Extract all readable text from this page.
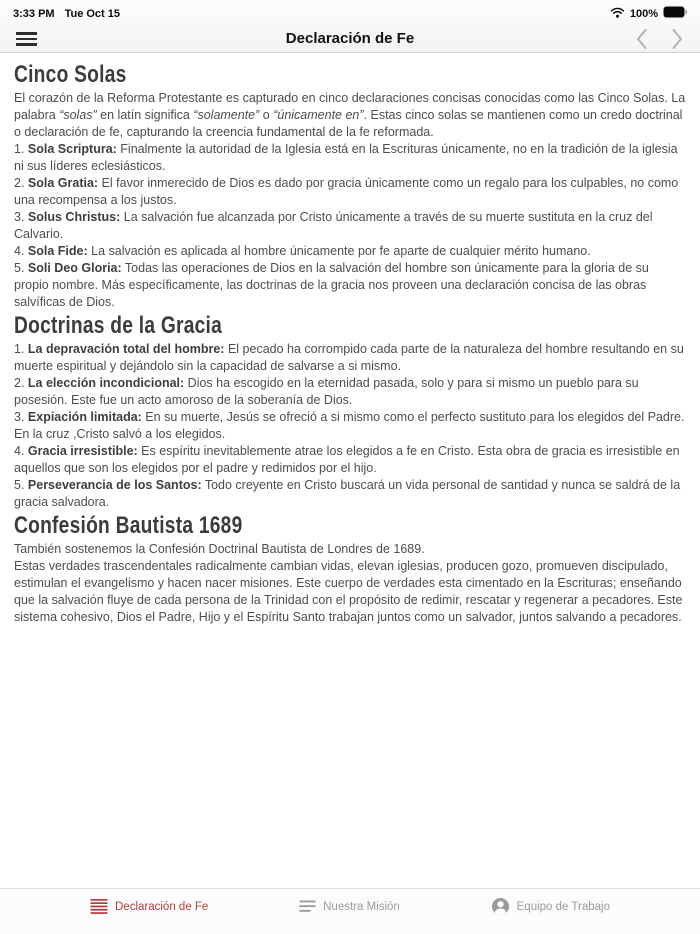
3:33 PM Tue Oct 15	100%
Declaración de Fe
Cinco Solas

El corazón de la Reforma Protestante es capturado en cinco declaraciones concisas conocidas como las Cinco Solas. La palabra “solas” en latín significa “solamente” o “únicamente en”. Estas cinco solas se mantienen como un credo doctrinal o declaración de fe, capturando la creencia fundamental de la fe reformada.

1. Sola Scriptura: Finalmente la autoridad de la Iglesia está en la Escrituras únicamente, no en la tradición de la iglesia ni sus líderes eclesiásticos.

2. Sola Gratia: El favor inmerecido de Dios es dado por gracia únicamente como un regalo para los culpables, no como una recompensa a los justos.

3. Solus Christus: La salvación fue alcanzada por Cristo únicamente a través de su muerte sustituta en la cruz del Calvario.

4. Sola Fide: La salvación es aplicada al hombre únicamente por fe aparte de cualquier mérito humano.

5. Soli Deo Gloria: Todas las operaciones de Dios en la salvación del hombre son únicamente para la gloria de su propio nombre. Más específicamente, las doctrinas de la gracia nos proveen una declaración concisa de las obras salvíficas de Dios.

Doctrinas de la Gracia

1. La depravación total del hombre: El pecado ha corrompido cada parte de la naturaleza del hombre resultando en su muerte espiritual y dejándolo sin la capacidad de salvarse a si mismo.

2. La elección incondicional: Dios ha escogido en la eternidad pasada, solo y para si mismo un pueblo para su posesión. Este fue un acto amoroso de la soberanía de Dios.

3. Expiación limitada: En su muerte, Jesús se ofreció a si mismo como el perfecto sustituto para los elegidos del Padre. En la cruz ,Cristo salvó a los elegidos.

4. Gracia irresistible: Es espíritu inevitablemente atrae los elegidos a fe en Cristo. Esta obra de gracia es irresistible en aquellos que son los elegidos por el padre y redimidos por el hijo.

5. Perseverancia de los Santos: Todo creyente en Cristo buscará un vida personal de santidad y nunca se saldrá de la gracia salvadora.

Confesión Bautista 1689

También sostenemos la Confesión Doctrinal Bautista de Londres de 1689.

Estas verdades trascendentales radicalmente cambian vidas, elevan iglesias, producen gozo, promueven discipulado, estimulan el evangelismo y hacen nacer misiones. Este cuerpo de verdades esta cimentado en la Escrituras; enseñando que la salvación fluye de cada persona de la Trinidad con el propósito de redimir, rescatar y regenerar a pecadores. Este sistema cohesivo, Dios el Padre, Hijo y el Espíritu Santo trabajan juntos como un salvador, juntos salvando a pecadores.

Declaración de Fe	Nuestra Misión	Equipo de Trabajo
